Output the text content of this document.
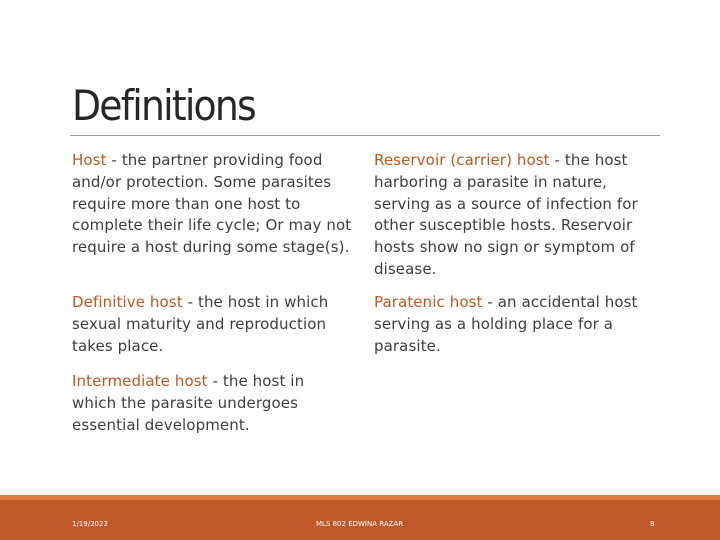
Definitions
Host - the partner providing food and/or protection. Some parasites require more than one host to complete their life cycle; Or may not require a host during some stage(s).
Definitive host - the host in which sexual maturity and reproduction takes place.
Intermediate host - the host in which the parasite undergoes essential development.
Reservoir (carrier) host - the host harboring a parasite in nature, serving as a source of infection for other susceptible hosts. Reservoir hosts show no sign or symptom of disease.
Paratenic host - an accidental host serving as a holding place for a parasite.
1/19/2022	MLS 802 EDWINA RAZAR	8
